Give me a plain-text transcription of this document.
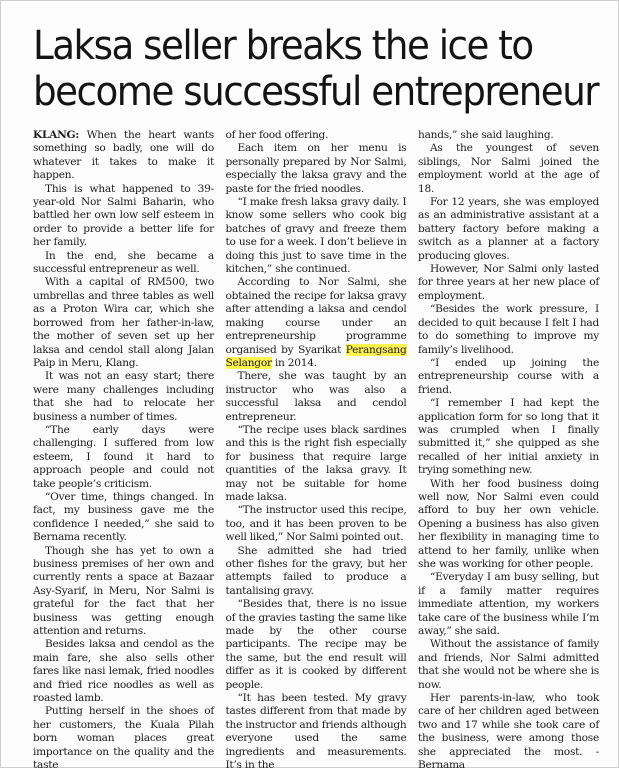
Laksa seller breaks the ice to
become successful entrepreneur

KLANG: When the heart wants something so badly, one will do whatever it takes to make it happen.

This is what happened to 39-year-old Nor Salmi Baharin, who battled her own low self esteem in order to provide a better life for her family.

In the end, she became a successful entrepreneur as well.

With a capital of RM500, two umbrellas and three tables as well as a Proton Wira car, which she borrowed from her father-in-law, the mother of seven set up her laksa and cendol stall along Jalan Paip in Meru, Klang.

It was not an easy start; there were many challenges including that she had to relocate her business a number of times.

“The early days were challenging. I suffered from low esteem, I found it hard to approach people and could not take people’s criticism.

“Over time, things changed. In fact, my business gave me the confidence I needed,” she said to Bernama recently.

Though she has yet to own a business premises of her own and currently rents a space at Bazaar Asy-Syarif, in Meru, Nor Salmi is grateful for the fact that her business was getting enough attention and returns.

Besides laksa and cendol as the main fare, she also sells other fares like nasi lemak, fried noodles and fried rice noodles as well as roasted lamb.

Putting herself in the shoes of her customers, the Kuala Pilah born woman places great importance on the quality and the taste

of her food offering.

Each item on her menu is personally prepared by Nor Salmi, especially the laksa gravy and the paste for the fried noodles.

“I make fresh laksa gravy daily. I know some sellers who cook big batches of gravy and freeze them to use for a week. I don’t believe in doing this just to save time in the kitchen,” she continued.

According to Nor Salmi, she obtained the recipe for laksa gravy after attending a laksa and cendol making course under an entrepreneurship programme organised by Syarikat Perangsang Selangor in 2014.

There, she was taught by an instructor who was also a successful laksa and cendol entrepreneur.

“The recipe uses black sardines and this is the right fish especially for business that require large quantities of the laksa gravy. It may not be suitable for home made laksa.

“The instructor used this recipe, too, and it has been proven to be well liked,” Nor Salmi pointed out.

She admitted she had tried other fishes for the gravy, but her attempts failed to produce a tantalising gravy.

“Besides that, there is no issue of the gravies tasting the same like made by the other course participants. The recipe may be the same, but the end result will differ as it is cooked by different people.

“It has been tested. My gravy tastes different from that made by the instructor and friends although everyone used the same ingredients and measurements. It’s in the

hands,” she said laughing.

As the youngest of seven siblings, Nor Salmi joined the employment world at the age of 18.

For 12 years, she was employed as an administrative assistant at a battery factory before making a switch as a planner at a factory producing gloves.

However, Nor Salmi only lasted for three years at her new place of employment.

“Besides the work pressure, I decided to quit because I felt I had to do something to improve my family’s livelihood.

“I ended up joining the entrepreneurship course with a friend.

“I remember I had kept the application form for so long that it was crumpled when I finally submitted it,” she quipped as she recalled of her initial anxiety in trying something new.

With her food business doing well now, Nor Salmi even could afford to buy her own vehicle. Opening a business has also given her flexibility in managing time to attend to her family, unlike when she was working for other people.

“Everyday I am busy selling, but if a family matter requires immediate attention, my workers take care of the business while I’m away,” she said.

Without the assistance of family and friends, Nor Salmi admitted that she would not be where she is now.

Her parents-in-law, who took care of her children aged between two and 17 while she took care of the business, were among those she appreciated the most. - Bernama
